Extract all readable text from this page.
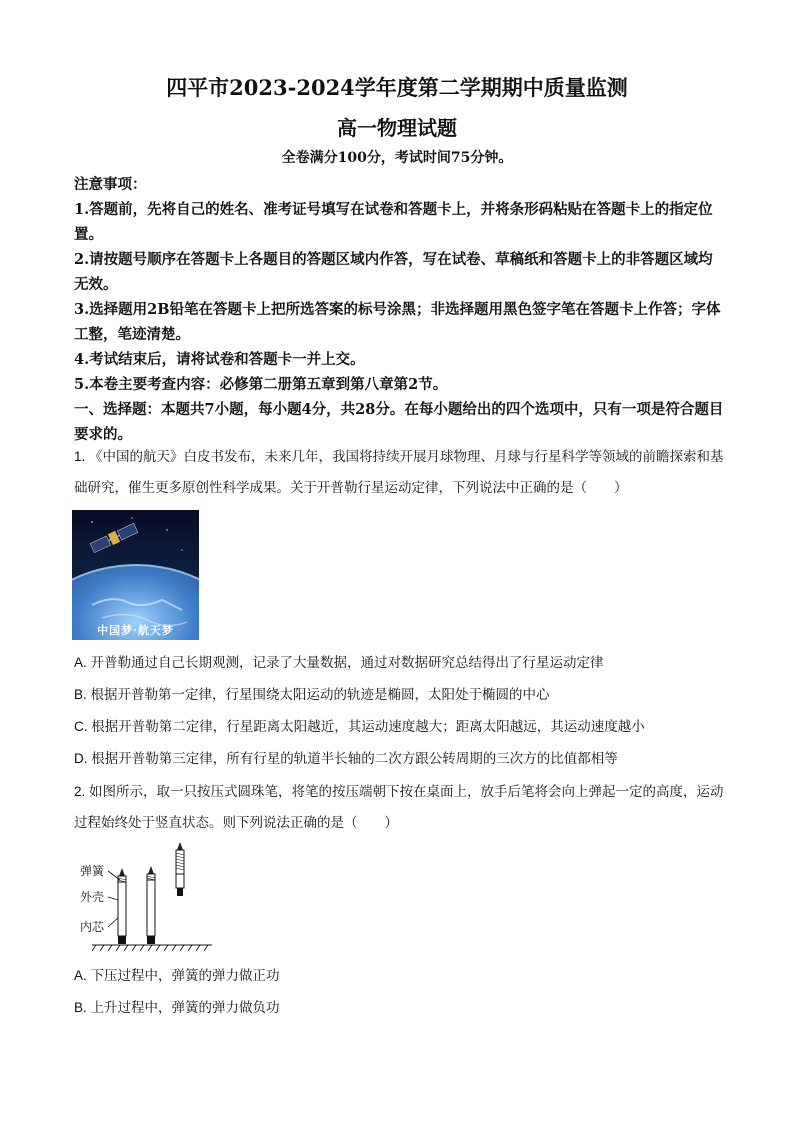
四平市2023-2024学年度第二学期期中质量监测
高一物理试题
全卷满分100分，考试时间75分钟。

注意事项：

1.答题前，先将自己的姓名、准考证号填写在试卷和答题卡上，并将条形码粘贴在答题卡上的指定位置。

2.请按题号顺序在答题卡上各题目的答题区域内作答，写在试卷、草稿纸和答题卡上的非答题区域均无效。

3.选择题用2B铅笔在答题卡上把所选答案的标号涂黑；非选择题用黑色签字笔在答题卡上作答；字体工整，笔迹清楚。

4.考试结束后，请将试卷和答题卡一并上交。

5.本卷主要考查内容：必修第二册第五章到第八章第2节。

一、选择题：本题共7小题，每小题4分，共28分。在每小题给出的四个选项中，只有一项是符合题目要求的。

1. 《中国的航天》白皮书发布，未来几年，我国将持续开展月球物理、月球与行星科学等领域的前瞻探索和基础研究，催生更多原创性科学成果。关于开普勒行星运动定律，下列说法中正确的是（　　）
中国梦·航天梦
A. 开普勒通过自己长期观测，记录了大量数据，通过对数据研究总结得出了行星运动定律
B. 根据开普勒第一定律，行星围绕太阳运动的轨迹是椭圆，太阳处于椭圆的中心
C. 根据开普勒第二定律，行星距离太阳越近，其运动速度越大；距离太阳越远，其运动速度越小
D. 根据开普勒第三定律，所有行星的轨道半长轴的二次方跟公转周期的三次方的比值都相等
2. 如图所示，取一只按压式圆珠笔，将笔的按压端朝下按在桌面上，放手后笔将会向上弹起一定的高度，运动过程始终处于竖直状态。则下列说法正确的是（　　）
弹簧
外壳
内芯
A. 下压过程中，弹簧的弹力做正功
B. 上升过程中，弹簧的弹力做负功
